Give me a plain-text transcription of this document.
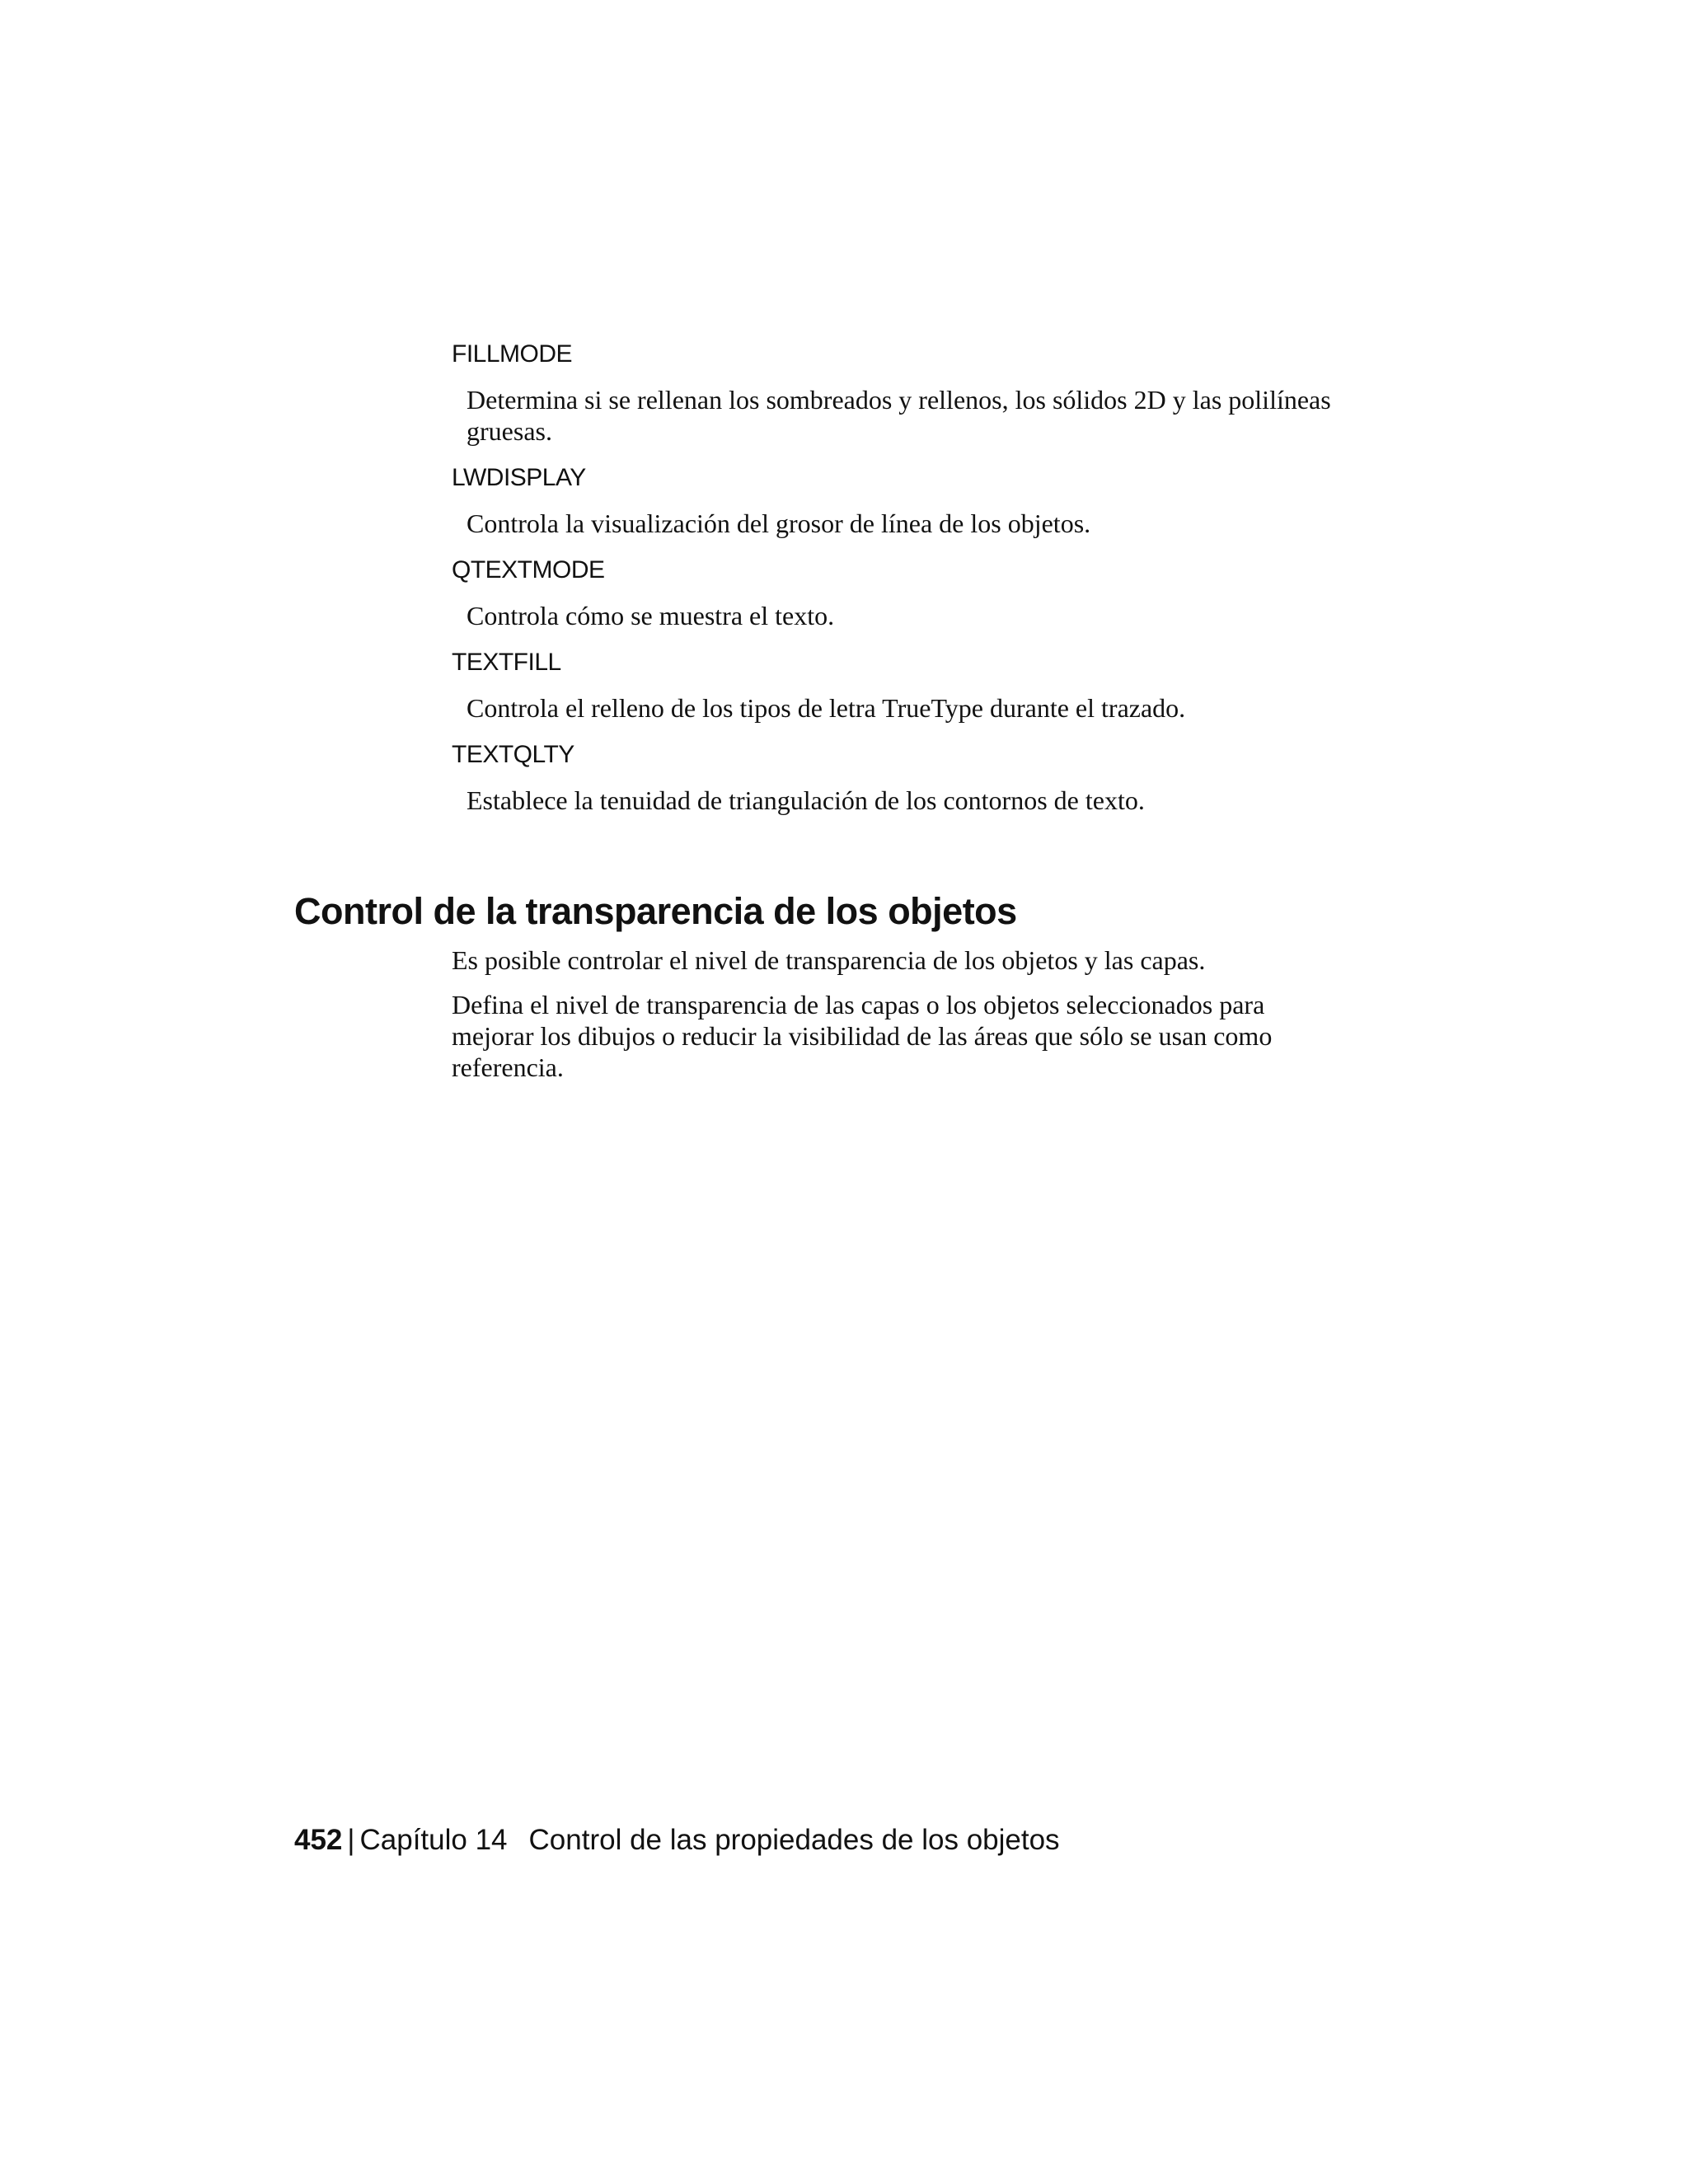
FILLMODE
Determina si se rellenan los sombreados y rellenos, los sólidos 2D y las polilíneas gruesas.
LWDISPLAY
Controla la visualización del grosor de línea de los objetos.
QTEXTMODE
Controla cómo se muestra el texto.
TEXTFILL
Controla el relleno de los tipos de letra TrueType durante el trazado.
TEXTQLTY
Establece la tenuidad de triangulación de los contornos de texto.
Control de la transparencia de los objetos

Es posible controlar el nivel de transparencia de los objetos y las capas.

Defina el nivel de transparencia de las capas o los objetos seleccionados para mejorar los dibujos o reducir la visibilidad de las áreas que sólo se usan como referencia.

452 | Capítulo 14 Control de las propiedades de los objetos
